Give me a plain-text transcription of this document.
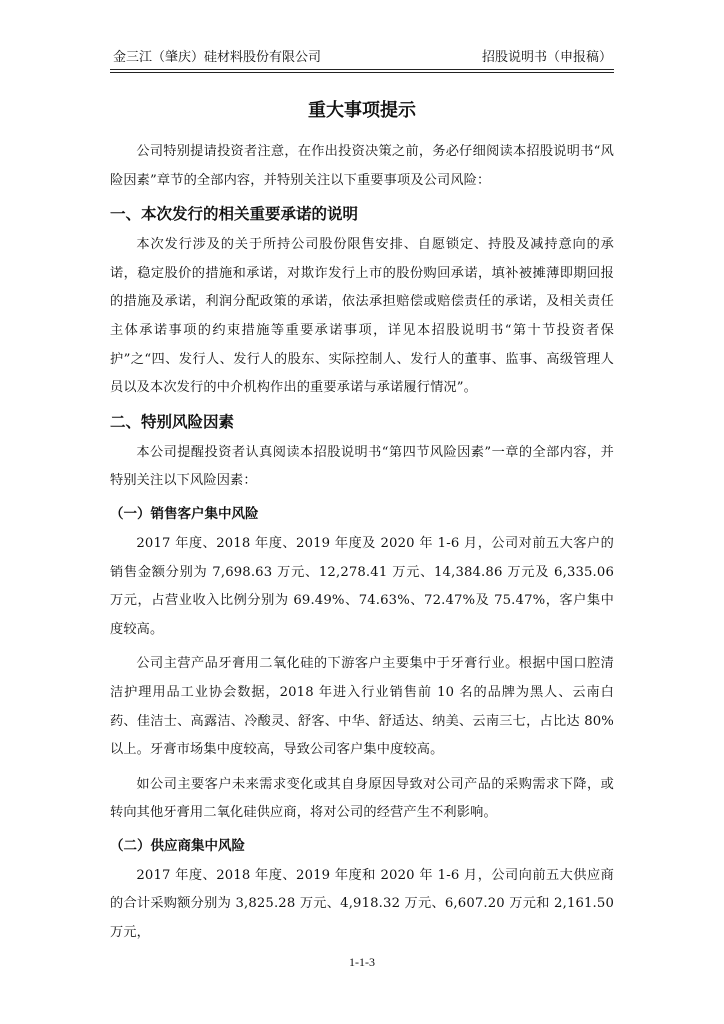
金三江（肇庆）硅材料股份有限公司	招股说明书（申报稿）
重大事项提示

公司特别提请投资者注意，在作出投资决策之前，务必仔细阅读本招股说明书“风险因素”章节的全部内容，并特别关注以下重要事项及公司风险：

一、本次发行的相关重要承诺的说明

本次发行涉及的关于所持公司股份限售安排、自愿锁定、持股及减持意向的承诺，稳定股价的措施和承诺，对欺诈发行上市的股份购回承诺，填补被摊薄即期回报的措施及承诺，利润分配政策的承诺，依法承担赔偿或赔偿责任的承诺，及相关责任主体承诺事项的约束措施等重要承诺事项，详见本招股说明书“第十节投资者保护”之“四、发行人、发行人的股东、实际控制人、发行人的董事、监事、高级管理人员以及本次发行的中介机构作出的重要承诺与承诺履行情况”。

二、特别风险因素

本公司提醒投资者认真阅读本招股说明书“第四节风险因素”一章的全部内容，并特别关注以下风险因素：

（一）销售客户集中风险

2017 年度、2018 年度、2019 年度及 2020 年 1-6 月，公司对前五大客户的销售金额分别为 7,698.63 万元、12,278.41 万元、14,384.86 万元及 6,335.06 万元，占营业收入比例分别为 69.49%、74.63%、72.47%及 75.47%，客户集中度较高。

公司主营产品牙膏用二氧化硅的下游客户主要集中于牙膏行业。根据中国口腔清洁护理用品工业协会数据，2018 年进入行业销售前 10 名的品牌为黑人、云南白药、佳洁士、高露洁、冷酸灵、舒客、中华、舒适达、纳美、云南三七，占比达 80%以上。牙膏市场集中度较高，导致公司客户集中度较高。

如公司主要客户未来需求变化或其自身原因导致对公司产品的采购需求下降，或转向其他牙膏用二氧化硅供应商，将对公司的经营产生不利影响。

（二）供应商集中风险

2017 年度、2018 年度、2019 年度和 2020 年 1-6 月，公司向前五大供应商的合计采购额分别为 3,825.28 万元、4,918.32 万元、6,607.20 万元和 2,161.50 万元，

1-1-3
